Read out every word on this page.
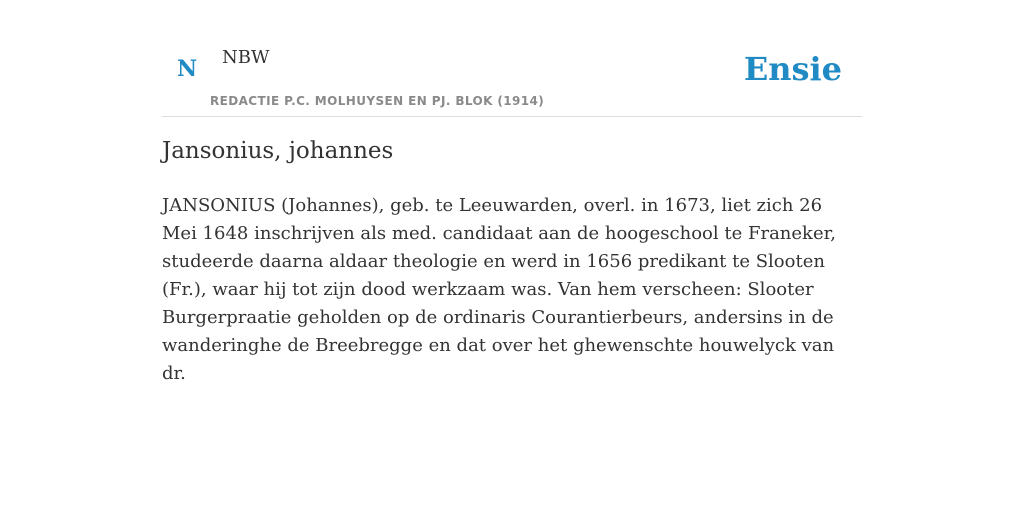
N NBW
REDACTIE P.C. MOLHUYSEN EN PJ. BLOK (1914)
Ensie
Jansonius, johannes

JANSONIUS (Johannes), geb. te Leeuwarden, overl. in 1673, liet zich 26 Mei 1648 inschrijven als med. candidaat aan de hoogeschool te Franeker, studeerde daarna aldaar theologie en werd in 1656 predikant te Slooten (Fr.), waar hij tot zijn dood werkzaam was. Van hem verscheen: Slooter Burgerpraatie geholden op de ordinaris Courantierbeurs, andersins in de wanderinghe de Breebregge en dat over het ghewenschte houwelyck van dr.
